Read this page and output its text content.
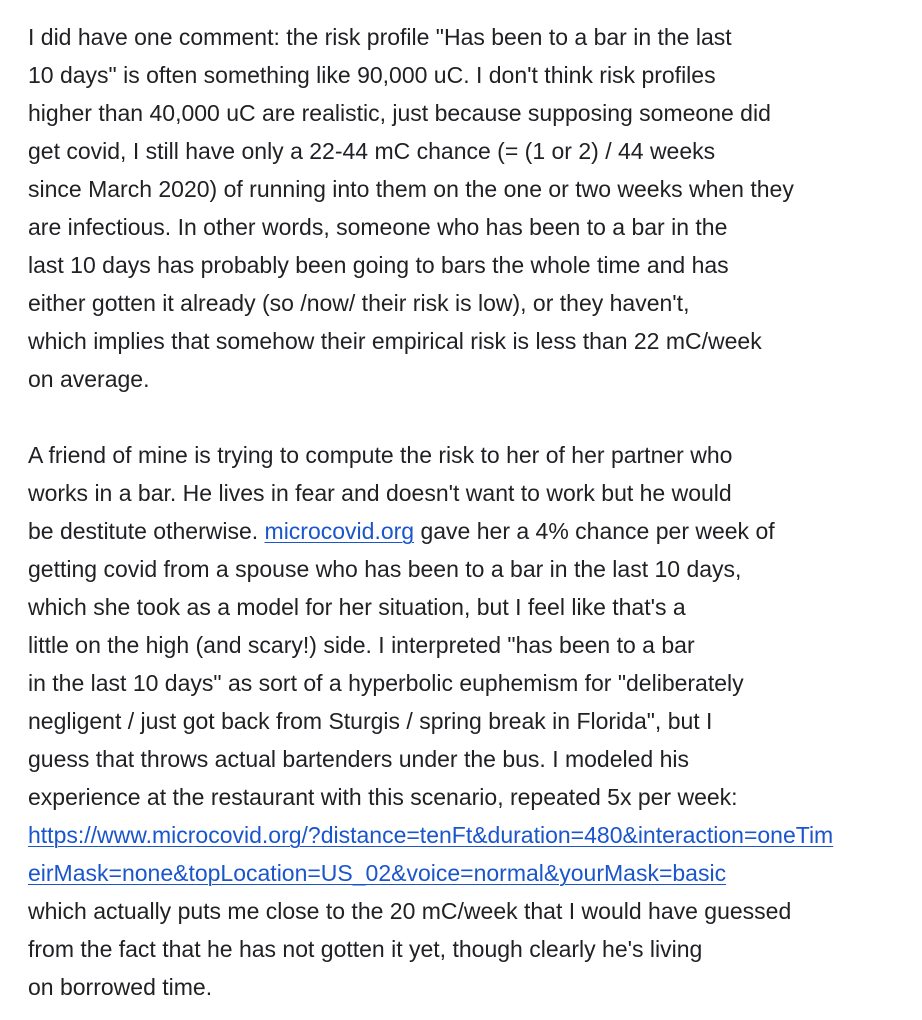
I did have one comment: the risk profile "Has been to a bar in the last
10 days" is often something like 90,000 uC. I don't think risk profiles
higher than 40,000 uC are realistic, just because supposing someone did
get covid, I still have only a 22-44 mC chance (= (1 or 2) / 44 weeks
since March 2020) of running into them on the one or two weeks when they
are infectious. In other words, someone who has been to a bar in the
last 10 days has probably been going to bars the whole time and has
either gotten it already (so /now/ their risk is low), or they haven't,
which implies that somehow their empirical risk is less than 22 mC/week
on average.
A friend of mine is trying to compute the risk to her of her partner who
works in a bar. He lives in fear and doesn't want to work but he would
be destitute otherwise. microcovid.org gave her a 4% chance per week of
getting covid from a spouse who has been to a bar in the last 10 days,
which she took as a model for her situation, but I feel like that's a
little on the high (and scary!) side. I interpreted "has been to a bar
in the last 10 days" as sort of a hyperbolic euphemism for "deliberately
negligent / just got back from Sturgis / spring break in Florida", but I
guess that throws actual bartenders under the bus. I modeled his
experience at the restaurant with this scenario, repeated 5x per week:
https://www.microcovid.org/?distance=tenFt&duration=480&interaction=oneTim
eirMask=none&topLocation=US_02&voice=normal&yourMask=basic
which actually puts me close to the 20 mC/week that I would have guessed
from the fact that he has not gotten it yet, though clearly he's living
on borrowed time.
